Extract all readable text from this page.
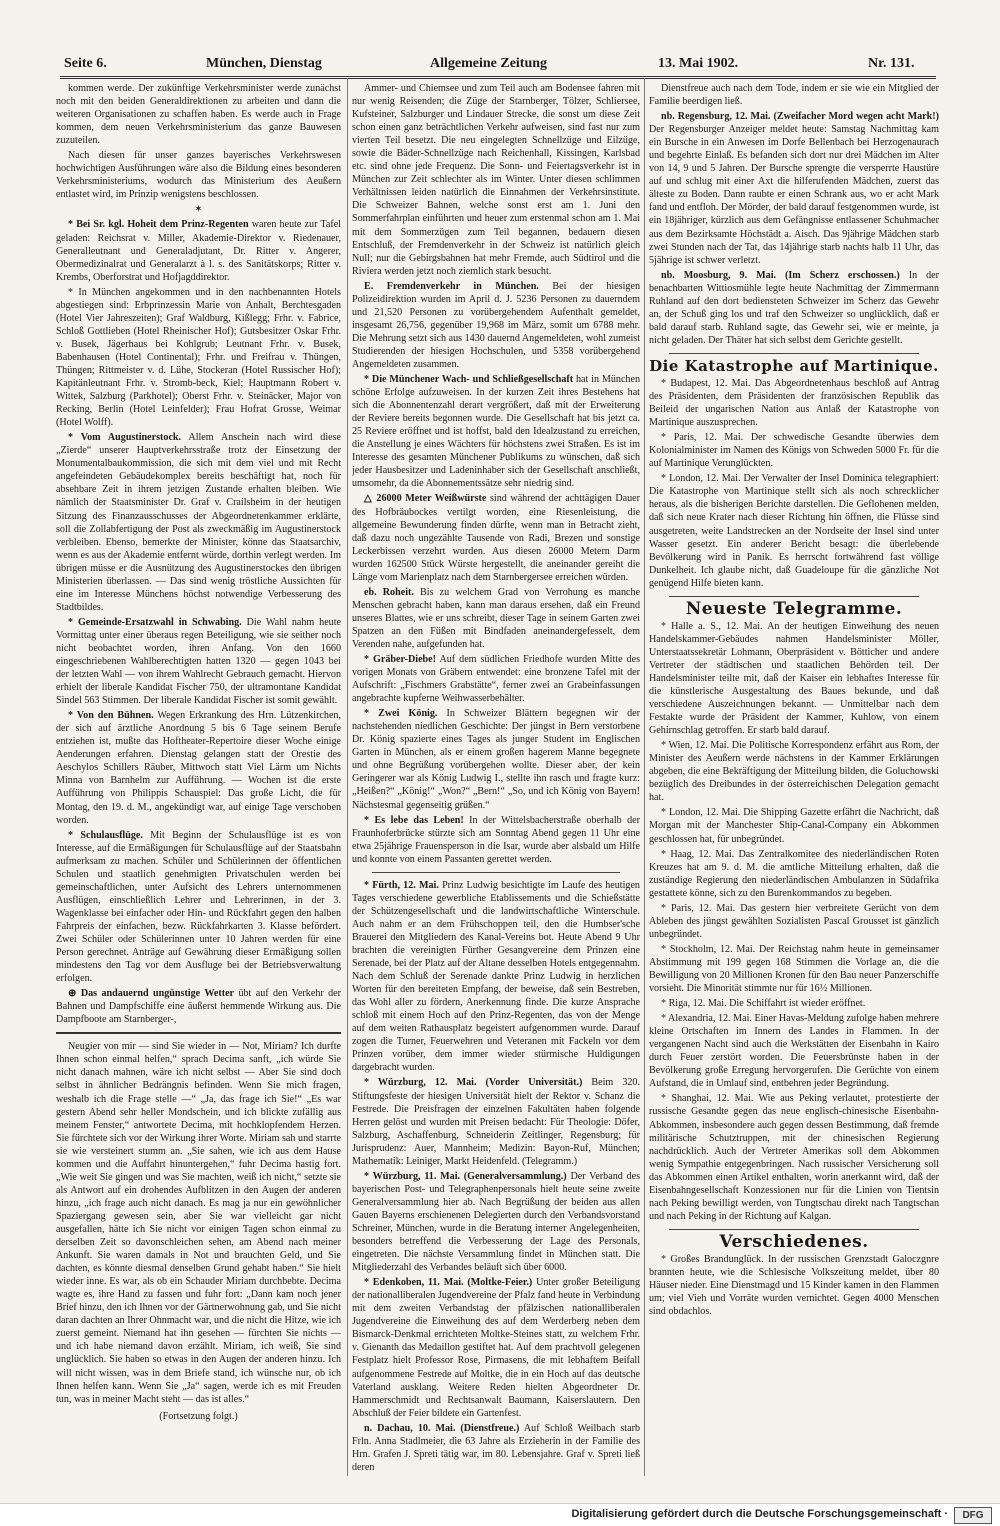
Seite 6.	München, Dienstag	Allgemeine Zeitung	13. Mai 1902.	Nr. 131.

kommen werde. Der zukünftige Verkehrsminister werde zunächst noch mit den beiden Generaldirektionen zu arbeiten und dann die weiteren Organisationen zu schaffen haben. Es werde auch in Frage kommen, dem neuen Verkehrsministerium das ganze Bauwesen zuzuteilen.

Nach diesen für unser ganzes bayerisches Verkehrswesen hochwichtigen Ausführungen wäre also die Bildung eines besonderen Verkehrsministeriums, wodurch das Ministerium des Aeußern entlastet wird, im Prinzip wenigstens beschlossen.

✶

* Bei Sr. kgl. Hoheit dem Prinz-Regenten waren heute zur Tafel geladen: Reichsrat v. Miller, Akademie-Direktor v. Riedenauer, Generalleutnant und Generaladjutant, Dr. Ritter v. Angerer, Obermedizinalrat und Generalarzt à l. s. des Sanitätskorps; Ritter v. Krembs, Oberforstrat und Hofjagddirektor.

* In München angekommen und in den nachbenannten Hotels abgestiegen sind: Erbprinzessin Marie von Anhalt, Berchtesgaden (Hotel Vier Jahreszeiten); Graf Waldburg, Kißlegg; Frhr. v. Fabrice, Schloß Gottlieben (Hotel Rheinischer Hof); Gutsbesitzer Oskar Frhr. v. Busek, Jägerhaus bei Kohlgrub; Leutnant Frhr. v. Busek, Babenhausen (Hotel Continental); Frhr. und Freifrau v. Thüngen, Thüngen; Rittmeister v. d. Lühe, Stockeran (Hotel Russischer Hof); Kapitänleutnant Frhr. v. Stromb-beck, Kiel; Hauptmann Robert v. Wittek, Salzburg (Parkhotel); Oberst Frhr. v. Steinäcker, Major von Recking, Berlin (Hotel Leinfelder); Frau Hofrat Grosse, Weimar (Hotel Wolff).

* Vom Augustinerstock. Allem Anschein nach wird diese „Zierde“ unserer Hauptverkehrsstraße trotz der Einsetzung der Monumentalbaukommission, die sich mit dem viel und mit Recht angefeindeten Gebäudekomplex bereits beschäftigt hat, noch für absehbare Zeit in ihrem jetzigen Zustande erhalten bleiben. Wie nämlich der Staatsminister Dr. Graf v. Crailsheim in der heutigen Sitzung des Finanzausschusses der Abgeordnetenkammer erklärte, soll die Zollabfertigung der Post als zweckmäßig im Augustinerstock verbleiben. Ebenso, bemerkte der Minister, könne das Staatsarchiv, wenn es aus der Akademie entfernt würde, dorthin verlegt werden. Im übrigen müsse er die Ausnützung des Augustinerstockes den übrigen Ministerien überlassen. — Das sind wenig tröstliche Aussichten für eine im Interesse Münchens höchst notwendige Verbesserung des Stadtbildes.

* Gemeinde-Ersatzwahl in Schwabing. Die Wahl nahm heute Vormittag unter einer überaus regen Beteiligung, wie sie seither noch nicht beobachtet worden, ihren Anfang. Von den 1660 eingeschriebenen Wahlberechtigten hatten 1320 — gegen 1043 bei der letzten Wahl — von ihrem Wahlrecht Gebrauch gemacht. Hiervon erhielt der liberale Kandidat Fischer 750, der ultramontane Kandidat Sindel 563 Stimmen. Der liberale Kandidat Fischer ist somit gewählt.

* Von den Bühnen. Wegen Erkrankung des Hrn. Lützenkirchen, der sich auf ärztliche Anordnung 5 bis 6 Tage seinem Berufe entziehen ist, mußte das Hoftheater-Repertoire dieser Woche einige Aenderungen erfahren. Dienstag gelangen statt der Orestie des Aeschylos Schillers Räuber, Mittwoch statt Viel Lärm um Nichts Minna von Barnhelm zur Aufführung. — Wochen ist die erste Aufführung von Philippis Schauspiel: Das große Licht, die für Montag, den 19. d. M., angekündigt war, auf einige Tage verschoben worden.

* Schulausflüge. Mit Beginn der Schulausflüge ist es von Interesse, auf die Ermäßigungen für Schulausflüge auf der Staatsbahn aufmerksam zu machen. Schüler und Schülerinnen der öffentlichen Schulen und staatlich genehmigten Privatschulen werden bei gemeinschaftlichen, unter Aufsicht des Lehrers unternommenen Ausflügen, einschließlich Lehrer und Lehrerinnen, in der 3. Wagenklasse bei einfacher oder Hin- und Rückfahrt gegen den halben Fahrpreis der einfachen, bezw. Rückfahrkarten 3. Klasse befördert. Zwei Schüler oder Schülerinnen unter 10 Jahren werden für eine Person gerechnet. Anträge auf Gewährung dieser Ermäßigung sollen mindestens den Tag vor dem Ausfluge bei der Betriebsverwaltung erfolgen.

⊕ Das andauernd ungünstige Wetter übt auf den Verkehr der Bahnen und Dampfschiffe eine äußerst hemmende Wirkung aus. Die Dampfboote am Starnberger-,

Neugier von mir — sind Sie wieder in — Not, Miriam? Ich durfte Ihnen schon einmal helfen,“ sprach Decima sanft, „ich würde Sie nicht danach mahnen, wäre ich nicht selbst — Aber Sie sind doch selbst in ähnlicher Bedrängnis befinden. Wenn Sie mich fragen, weshalb ich die Frage stelle —“ „Ja, das frage ich Sie!“ „Es war gestern Abend sehr heller Mondschein, und ich blickte zufällig aus meinem Fenster,“ antwortete Decima, mit hochklopfendem Herzen. Sie fürchtete sich vor der Wirkung ihrer Worte. Miriam sah und starrte sie wie versteinert stumm an. „Sie sahen, wie ich aus dem Hause kommen und die Auffahrt hinuntergehen,“ fuhr Decima hastig fort. „Wie weit Sie gingen und was Sie machten, weiß ich nicht,“ setzte sie als Antwort auf ein drohendes Aufblitzen in den Augen der anderen hinzu, „ich frage auch nicht danach. Es mag ja nur ein gewöhnlicher Spaziergang gewesen sein, aber Sie war vielleicht gar nicht ausgefallen, hätte ich Sie nicht vor einigen Tagen schon einmal zu derselben Zeit so davonschleichen sehen, am Abend nach meiner Ankunft. Sie waren damals in Not und brauchten Geld, und Sie dachten, es könnte diesmal denselben Grund gehabt haben.“ Sie hielt wieder inne. Es war, als ob ein Schauder Miriam durchbebte. Decima wagte es, ihre Hand zu fassen und fuhr fort: „Dann kam noch jener Brief hinzu, den ich Ihnen vor der Gärtnerwohnung gab, und Sie nicht daran dachten an Ihrer Ohnmacht war, und die nicht die Hitze, wie ich zuerst gemeint. Niemand hat ihn gesehen — fürchten Sie nichts — und ich habe niemand davon erzählt. Miriam, ich weiß, Sie sind unglücklich. Sie haben so etwas in den Augen der anderen hinzu. Ich will nicht wissen, was in dem Briefe stand, ich wünsche nur, ob ich Ihnen helfen kann. Wenn Sie „Ja“ sagen, werde ich es mit Freuden tun, was in meiner Macht steht — das ist alles.“

(Fortsetzung folgt.)

Ammer- und Chiemsee und zum Teil auch am Bodensee fahren mit nur wenig Reisenden; die Züge der Starnberger, Tölzer, Schliersee, Kufsteiner, Salzburger und Lindauer Strecke, die sonst um diese Zeit schon einen ganz beträchtlichen Verkehr aufweisen, sind fast nur zum vierten Teil besetzt. Die neu eingelegten Schnellzüge und Eilzüge, sowie die Bäder-Schnellzüge nach Reichenhall, Kissingen, Karlsbad etc. sind ohne jede Frequenz. Die Sonn- und Feiertagsverkehr ist in München zur Zeit schlechter als im Winter. Unter diesen schlimmen Verhältnissen leiden natürlich die Einnahmen der Verkehrsinstitute. Die Schweizer Bahnen, welche sonst erst am 1. Juni den Sommerfahrplan einführten und heuer zum erstenmal schon am 1. Mai mit dem Sommerzügen zum Teil begannen, bedauern diesen Entschluß, der Fremdenverkehr in der Schweiz ist natürlich gleich Null; nur die Gebirgsbahnen hat mehr Fremde, auch Südtirol und die Riviera werden jetzt noch ziemlich stark besucht.

E. Fremdenverkehr in München. Bei der hiesigen Polizeidirektion wurden im April d. J. 5236 Personen zu dauerndem und 21,520 Personen zu vorübergehendem Aufenthalt gemeldet, insgesamt 26,756, gegenüber 19,968 im März, somit um 6788 mehr. Die Mehrung setzt sich aus 1430 dauernd Angemeldeten, wohl zumeist Studierenden der hiesigen Hochschulen, und 5358 vorübergehend Angemeldeten zusammen.

* Die Münchener Wach- und Schließgesellschaft hat in München schöne Erfolge aufzuweisen. In der kurzen Zeit ihres Bestehens hat sich die Abonnentenzahl derart vergrößert, daß mit der Erweiterung der Reviere bereits begonnen wurde. Die Gesellschaft hat bis jetzt ca. 25 Reviere eröffnet und ist hoffst, bald den Idealzustand zu erreichen, die Anstellung je eines Wächters für höchstens zwei Straßen. Es ist im Interesse des gesamten Münchener Publikums zu wünschen, daß sich jeder Hausbesitzer und Ladeninhaber sich der Gesellschaft anschließt, umsomehr, da die Abonnementssätze sehr niedrig sind.

△ 26000 Meter Weißwürste sind während der achttägigen Dauer des Hofbräubockes vertilgt worden, eine Riesenleistung, die allgemeine Bewunderung finden dürfte, wenn man in Betracht zieht, daß dazu noch ungezählte Tausende von Radi, Brezen und sonstige Leckerbissen verzehrt wurden. Aus diesen 26000 Metern Darm wurden 162500 Stück Würste hergestellt, die aneinander gereiht die Länge vom Marienplatz nach dem Starnbergersee erreichen würden.

eb. Roheit. Bis zu welchem Grad von Verrohung es manche Menschen gebracht haben, kann man daraus ersehen, daß ein Freund unseres Blattes, wie er uns schreibt, dieser Tage in seinem Garten zwei Spatzen an den Füßen mit Bindfaden aneinandergefesselt, dem Verenden nahe, aufgefunden hat.

* Gräber-Diebe! Auf dem südlichen Friedhofe wurden Mitte des vorigen Monats von Gräbern entwendet: eine bronzene Tafel mit der Aufschrift: „Fischmers Grabstätte“, ferner zwei an Grabeinfassungen angebrachte kupferne Weihwasserbehälter.

* Zwei König. In Schweizer Blättern begegnen wir der nachstehenden niedlichen Geschichte: Der jüngst in Bern verstorbene Dr. König spazierte eines Tages als junger Student im Englischen Garten in München, als er einem großen hagerem Manne begegnete und ohne Begrüßung vorübergehen wollte. Dieser aber, der kein Geringerer war als König Ludwig I., stellte ihn rasch und fragte kurz: „Heißen?“ „König!“ „Won?“ „Bern!“ „So, und ich König von Bayern! Nächstesmal gegenseitig grüßen.“

* Es lebe das Leben! In der Wittelsbacherstraße oberhalb der Fraunhoferbrücke stürzte sich am Sonntag Abend gegen 11 Uhr eine etwa 25jährige Frauensperson in die Isar, wurde aber alsbald um Hilfe und konnte von einem Passanten gerettet werden.

* Fürth, 12. Mai. Prinz Ludwig besichtigte im Laufe des heutigen Tages verschiedene gewerbliche Etablissements und die Schießstätte der Schützengesellschaft und die landwirtschaftliche Winterschule. Auch nahm er an dem Frühschoppen teil, den die Humbser'sche Brauerei den Mitgliedern des Kanal-Vereins bot. Heute Abend 9 Uhr brachten die vereinigten Fürther Gesangvereine dem Prinzen eine Serenade, bei der Platz auf der Altane desselben Hotels entgegennahm. Nach dem Schluß der Serenade dankte Prinz Ludwig in herzlichen Worten für den bereiteten Empfang, der beweise, daß sein Bestreben, das Wohl aller zu fördern, Anerkennung finde. Die kurze Ansprache schloß mit einem Hoch auf den Prinz-Regenten, das von der Menge auf dem weiten Rathausplatz begeistert aufgenommen wurde. Darauf zogen die Turner, Feuerwehren und Veteranen mit Fackeln vor dem Prinzen vorüber, dem immer wieder stürmische Huldigungen dargebracht wurden.

* Würzburg, 12. Mai. (Vorder Universität.) Beim 320. Stiftungsfeste der hiesigen Universität hielt der Rektor v. Schanz die Festrede. Die Preisfragen der einzelnen Fakultäten haben folgende Herren gelöst und wurden mit Preisen bedacht: Für Theologie: Döfer, Salzburg, Aschaffenburg, Schneiderin Zeitlinger, Regensburg; für Jurisprudenz: Auer, Mannheim; Medizin: Bayon-Ruf, München; Mathematik: Leiniger, Markt Heidenfeld. (Telegramm.)

* Würzburg, 11. Mai. (Generalversammlung.) Der Verband des bayerischen Post- und Telegraphenpersonals hielt heute seine zweite Generalversammlung hier ab. Nach Begrüßung der beiden aus allen Gauen Bayerns erschienenen Delegierten durch den Verbandsvorstand Schreiner, München, wurde in die Beratung interner Angelegenheiten, besonders betreffend die Verbesserung der Lage des Personals, eingetreten. Die nächste Versammlung findet in München statt. Die Mitgliederzahl des Verbandes beläuft sich über 6000.

* Edenkoben, 11. Mai. (Moltke-Feier.) Unter großer Beteiligung der nationalliberalen Jugendvereine der Pfalz fand heute in Verbindung mit dem zweiten Verbandstag der pfälzischen nationalliberalen Jugendvereine die Einweihung des auf dem Werderberg neben dem Bismarck-Denkmal errichteten Moltke-Steines statt, zu welchem Frhr. v. Gienanth das Medaillon gestiftet hat. Auf dem prachtvoll gelegenen Festplatz hielt Professor Rose, Pirmasens, die mit lebhaftem Beifall aufgenommene Festrede auf Moltke, die in ein Hoch auf das deutsche Vaterland ausklang. Weitere Reden hielten Abgeordneter Dr. Hammerschmidt und Rechtsanwalt Baumann, Kaiserslautern. Den Abschluß der Feier bildete ein Gartenfest.

n. Dachau, 10. Mai. (Dienstfreue.) Auf Schloß Weilbach starb Frln. Anna Stadlmeier, die 63 Jahre als Erzieherin in der Familie des Hrn. Grafen J. Spreti tätig war, im 80. Lebensjahre. Graf v. Spreti ließ deren

Dienstfreue auch nach dem Tode, indem er sie wie ein Mitglied der Familie beerdigen ließ.

nb. Regensburg, 12. Mai. (Zweifacher Mord wegen acht Mark!) Der Regensburger Anzeiger meldet heute: Samstag Nachmittag kam ein Bursche in ein Anwesen im Dorfe Bellenbach bei Herzogenaurach und begehrte Einlaß. Es befanden sich dort nur drei Mädchen im Alter von 14, 9 und 5 Jahren. Der Bursche sprengte die versperrte Haustüre auf und schlug mit einer Axt die hilferufenden Mädchen, zuerst das älteste zu Boden. Dann raubte er einen Schrank aus, wo er acht Mark fand und entfloh. Der Mörder, der bald darauf festgenommen wurde, ist ein 18jähriger, kürzlich aus dem Gefängnisse entlassener Schuhmacher aus dem Bezirksamte Höchstädt a. Aisch. Das 9jährige Mädchen starb zwei Stunden nach der Tat, das 14jährige starb nachts halb 11 Uhr, das 5jährige ist schwer verletzt.

nb. Moosburg, 9. Mai. (Im Scherz erschossen.) In der benachbarten Wittiosmühle legte heute Nachmittag der Zimmermann Ruhland auf den dort bediensteten Schweizer im Scherz das Gewehr an, der Schuß ging los und traf den Schweizer so unglücklich, daß er bald darauf starb. Ruhland sagte, das Gewehr sei, wie er meinte, ja nicht geladen. Der Thäter hat sich selbst dem Gerichte gestellt.

Die Katastrophe auf Martinique.

* Budapest, 12. Mai. Das Abgeordnetenhaus beschloß auf Antrag des Präsidenten, dem Präsidenten der französischen Republik das Beileid der ungarischen Nation aus Anlaß der Katastrophe von Martinique auszusprechen.

* Paris, 12. Mai. Der schwedische Gesandte überwies dem Kolonialminister im Namen des Königs von Schweden 5000 Fr. für die auf Martinique Verunglückten.

* London, 12. Mai. Der Verwalter der Insel Dominica telegraphiert: Die Katastrophe von Martinique stellt sich als noch schrecklicher heraus, als die bisherigen Berichte darstellen. Die Geflohenen melden, daß sich neue Krater nach dieser Richtung hin öffnen, die Flüsse sind ausgetreten, weite Landstrecken an der Nordseite der Insel sind unter Wasser gesetzt. Ein anderer Bericht besagt: die überlebende Bevölkerung wird in Panik. Es herrscht fortwährend fast völlige Dunkelheit. Ich glaube nicht, daß Guadeloupe für die gänzliche Not genügend Hilfe bieten kann.

Neueste Telegramme.

* Halle a. S., 12. Mai. An der heutigen Einweihung des neuen Handelskammer-Gebäudes nahmen Handelsminister Möller, Unterstaatssekretär Lohmann, Oberpräsident v. Bötticher und andere Vertreter der städtischen und staatlichen Behörden teil. Der Handelsminister teilte mit, daß der Kaiser ein lebhaftes Interesse für die künstlerische Ausgestaltung des Baues bekunde, und daß verschiedene Auszeichnungen bekannt. — Unmittelbar nach dem Festakte wurde der Präsident der Kammer, Kuhlow, von einem Gehirnschlag getroffen. Er starb bald darauf.

* Wien, 12. Mai. Die Politische Korrespondenz erfährt aus Rom, der Minister des Aeußern werde nächstens in der Kammer Erklärungen abgeben, die eine Bekräftigung der Mitteilung bilden, die Goluchowski bezüglich des Dreibundes in der österreichischen Delegation gemacht hat.

* London, 12. Mai. Die Shipping Gazette erfährt die Nachricht, daß Morgan mit der Manchester Ship-Canal-Company ein Abkommen geschlossen hat, für unbegründet.

* Haag, 12. Mai. Das Zentralkomitee des niederländischen Roten Kreuzes hat am 9. d. M. die amtliche Mitteilung erhalten, daß die zuständige Regierung den niederländischen Ambulanzen in Südafrika gestattete könne, sich zu den Burenkommandos zu begeben.

* Paris, 12. Mai. Das gestern hier verbreitete Gerücht von dem Ableben des jüngst gewählten Sozialisten Pascal Grousset ist gänzlich unbegründet.

* Stockholm, 12. Mai. Der Reichstag nahm heute in gemeinsamer Abstimmung mit 199 gegen 168 Stimmen die Vorlage an, die die Bewilligung von 20 Millionen Kronen für den Bau neuer Panzerschiffe vorsieht. Die Minorität stimmte nur für 16½ Millionen.

* Riga, 12. Mai. Die Schiffahrt ist wieder eröffnet.

* Alexandria, 12. Mai. Einer Havas-Meldung zufolge haben mehrere kleine Ortschaften im Innern des Landes in Flammen. In der vergangenen Nacht sind auch die Werkstätten der Eisenbahn in Kairo durch Feuer zerstört worden. Die Feuersbrünste haben in der Bevölkerung große Erregung hervorgerufen. Die Gerüchte von einem Aufstand, die in Umlauf sind, entbehren jeder Begründung.

* Shanghai, 12. Mai. Wie aus Peking verlautet, protestierte der russische Gesandte gegen das neue englisch-chinesische Eisenbahn-Abkommen, insbesondere auch gegen dessen Bestimmung, daß fremde militärische Schutztruppen, mit der chinesischen Regierung nachdrücklich. Auch der Vertreter Amerikas soll dem Abkommen wenig Sympathie entgegenbringen. Nach russischer Versicherung soll das Abkommen einen Artikel enthalten, worin anerkannt wird, daß der Eisenbahngesellschaft Konzessionen nur für die Linien von Tientsin nach Peking bewilligt werden, von Tungtschau direkt nach Tangtschan und nach Peking in der Richtung auf Kalgan.

Verschiedenes.

* Großes Brandunglück. In der russischen Grenzstadt Galoczgnre brannten heute, wie die Schlesische Volkszeitung meldet, über 80 Häuser nieder. Eine Dienstmagd und 15 Kinder kamen in den Flammen um; viel Vieh und Vorräte wurden vernichtet. Gegen 4000 Menschen sind obdachlos.

Digitalisierung gefördert durch die Deutsche Forschungsgemeinschaft ·	DFG
